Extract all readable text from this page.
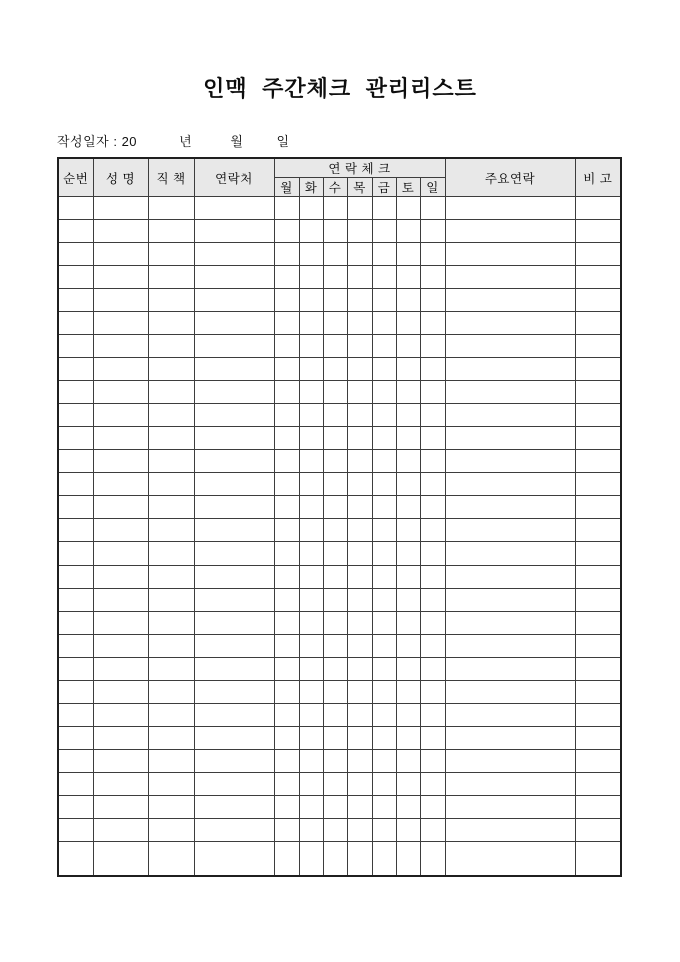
인맥 주간체크 관리리스트
작성일자 : 20	년	월	일
순번	성 명	직 책	연락처	연 락 체 크							주요연락	비 고
				월	화	수	목	금	토	일		
